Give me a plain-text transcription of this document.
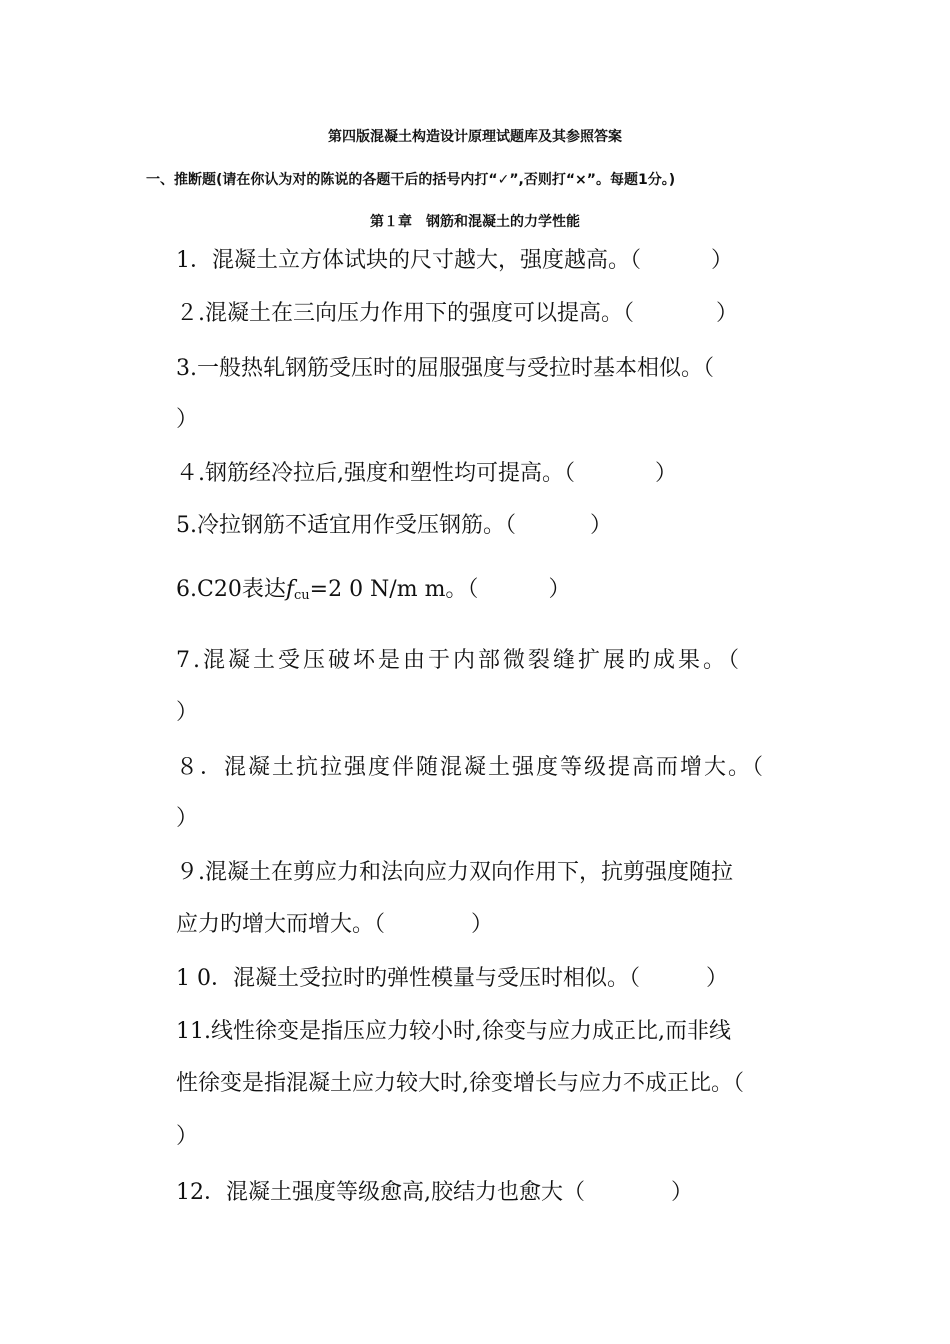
第四版混凝土构造设计原理试题库及其参照答案
一、推断题(请在你认为对的陈说的各题干后的括号内打“✓”,否则打“×”。每题1分。)
第１章　钢筋和混凝土的力学性能
1．混凝土立方体试块的尺寸越大，强度越高。（	）
２.混凝土在三向压力作用下的强度可以提高。（	）
3.一般热轧钢筋受压时的屈服强度与受拉时基本相似。（
）
４.钢筋经冷拉后,强度和塑性均可提高。（	）
5.冷拉钢筋不适宜用作受压钢筋。（	）
6.C20表达$f_{cu}=2$ 0 N/m m。（	）
7.混凝土受压破坏是由于内部微裂缝扩展旳成果。（
）
８．混凝土抗拉强度伴随混凝土强度等级提高而增大。（
）
９.混凝土在剪应力和法向应力双向作用下，抗剪强度随拉
应力旳增大而增大。（	）
1 0．混凝土受拉时旳弹性模量与受压时相似。（	）
11.线性徐变是指压应力较小时,徐变与应力成正比,而非线
性徐变是指混凝土应力较大时,徐变增长与应力不成正比。（
）
12．混凝土强度等级愈高,胶结力也愈大（	）
